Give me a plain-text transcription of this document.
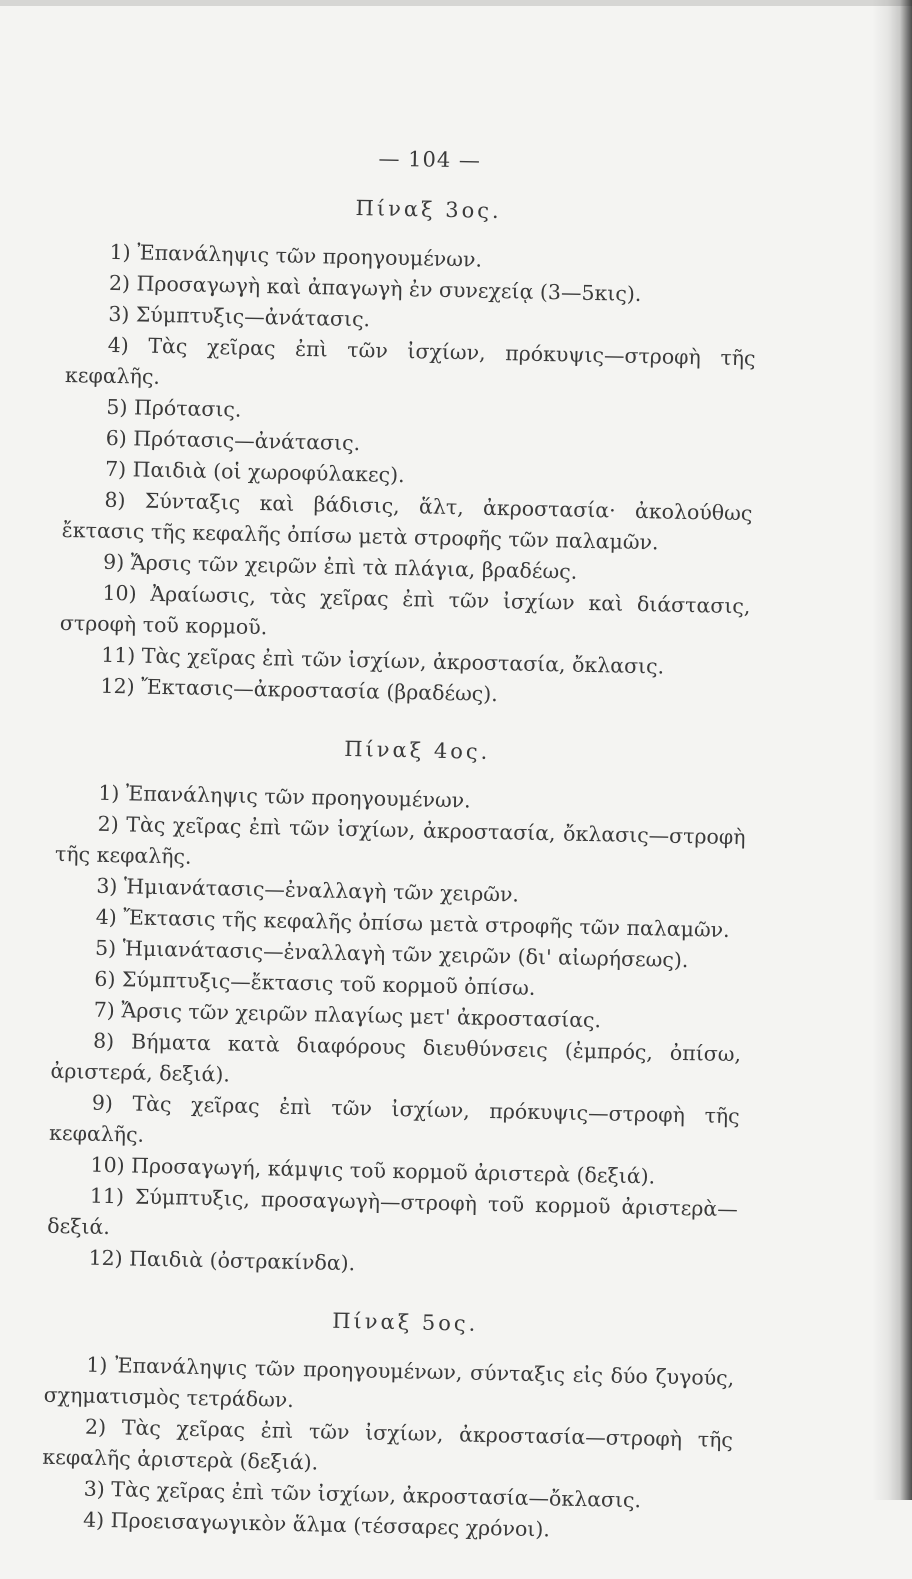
— 104 —
Πίναξ 3ος.

1) Ἐπανάληψις τῶν προηγουμένων.

2) Προσαγωγὴ καὶ ἀπαγωγὴ ἐν συνεχείᾳ (3—5κις).

3) Σύμπτυξις—ἀνάτασις.

4) Τὰς χεῖρας ἐπὶ τῶν ἰσχίων, πρόκυψις—στροφὴ τῆς κεφαλῆς.

5) Πρότασις.

6) Πρότασις—ἀνάτασις.

7) Παιδιὰ (οἱ χωροφύλακες).

8) Σύνταξις καὶ βάδισις, ἅλτ, ἀκροστασία· ἀκολούθως ἔκτασις τῆς κεφαλῆς ὀπίσω μετὰ στροφῆς τῶν παλαμῶν.

9) Ἄρσις τῶν χειρῶν ἐπὶ τὰ πλάγια, βραδέως.

10) Ἀραίωσις, τὰς χεῖρας ἐπὶ τῶν ἰσχίων καὶ διάστασις, στροφὴ τοῦ κορμοῦ.

11) Τὰς χεῖρας ἐπὶ τῶν ἰσχίων, ἀκροστασία, ὄκλασις.

12) Ἔκτασις—ἀκροστασία (βραδέως).

Πίναξ 4ος.

1) Ἐπανάληψις τῶν προηγουμένων.

2) Τὰς χεῖρας ἐπὶ τῶν ἰσχίων, ἀκροστασία, ὄκλασις—στροφὴ τῆς κεφαλῆς.

3) Ἡμιανάτασις—ἐναλλαγὴ τῶν χειρῶν.

4) Ἔκτασις τῆς κεφαλῆς ὀπίσω μετὰ στροφῆς τῶν παλαμῶν.

5) Ἡμιανάτασις—ἐναλλαγὴ τῶν χειρῶν (δι' αἰωρήσεως).

6) Σύμπτυξις—ἔκτασις τοῦ κορμοῦ ὀπίσω.

7) Ἄρσις τῶν χειρῶν πλαγίως μετ' ἀκροστασίας.

8) Βήματα κατὰ διαφόρους διευθύνσεις (ἐμπρός, ὀπίσω, ἀριστερά, δεξιά).

9) Τὰς χεῖρας ἐπὶ τῶν ἰσχίων, πρόκυψις—στροφὴ τῆς κεφαλῆς.

10) Προσαγωγή, κάμψις τοῦ κορμοῦ ἀριστερὰ (δεξιά).

11) Σύμπτυξις, προσαγωγὴ—στροφὴ τοῦ κορμοῦ ἀριστερὰ—δεξιά.

12) Παιδιὰ (ὀστρακίνδα).

Πίναξ 5ος.

1) Ἐπανάληψις τῶν προηγουμένων, σύνταξις εἰς δύο ζυγούς, σχηματισμὸς τετράδων.

2) Τὰς χεῖρας ἐπὶ τῶν ἰσχίων, ἀκροστασία—στροφὴ τῆς κεφαλῆς ἀριστερὰ (δεξιά).

3) Τὰς χεῖρας ἐπὶ τῶν ἰσχίων, ἀκροστασία—ὄκλασις.

4) Προεισαγωγικὸν ἅλμα (τέσσαρες χρόνοι).
